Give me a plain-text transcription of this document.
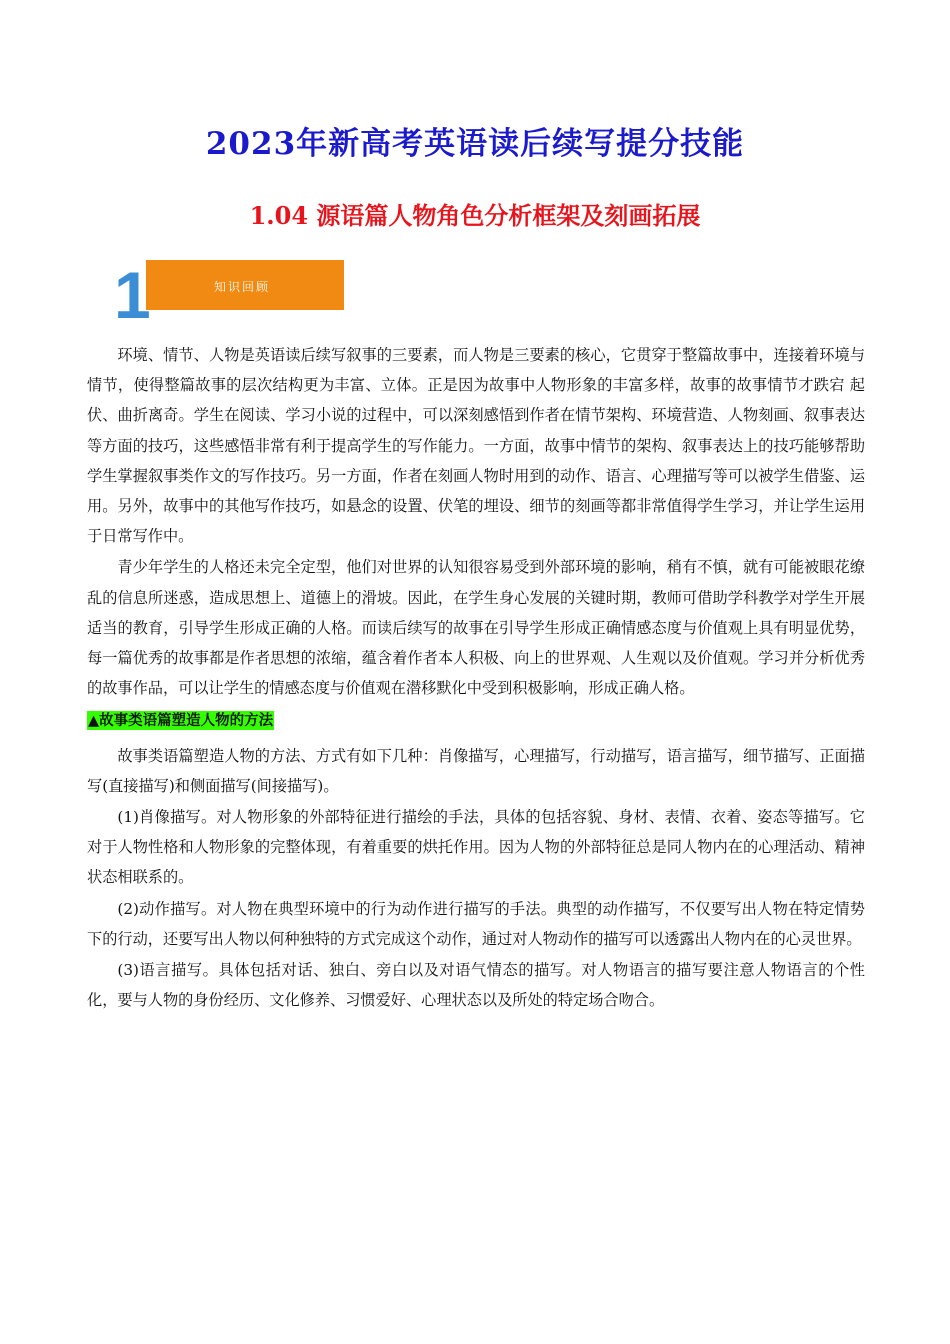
2023年新高考英语读后续写提分技能
1.04 源语篇人物角色分析框架及刻画拓展
1	知识回顾

环境、情节、人物是英语读后续写叙事的三要素，而人物是三要素的核心，它贯穿于整篇故事中，连接着环境与情节，使得整篇故事的层次结构更为丰富、立体。正是因为故事中人物形象的丰富多样，故事的故事情节才跌宕 起伏、曲折离奇。学生在阅读、学习小说的过程中，可以深刻感悟到作者在情节架构、环境营造、人物刻画、叙事表达等方面的技巧，这些感悟非常有利于提高学生的写作能力。一方面，故事中情节的架构、叙事表达上的技巧能够帮助学生掌握叙事类作文的写作技巧。另一方面，作者在刻画人物时用到的动作、语言、心理描写等可以被学生借鉴、运用。另外，故事中的其他写作技巧，如悬念的设置、伏笔的埋设、细节的刻画等都非常值得学生学习，并让学生运用于日常写作中。

青少年学生的人格还未完全定型，他们对世界的认知很容易受到外部环境的影响，稍有不慎，就有可能被眼花缭乱的信息所迷惑，造成思想上、道德上的滑坡。因此，在学生身心发展的关键时期，教师可借助学科教学对学生开展适当的教育，引导学生形成正确的人格。而读后续写的故事在引导学生形成正确情感态度与价值观上具有明显优势，每一篇优秀的故事都是作者思想的浓缩，蕴含着作者本人积极、向上的世界观、人生观以及价值观。学习并分析优秀的故事作品，可以让学生的情感态度与价值观在潜移默化中受到积极影响，形成正确人格。

▲故事类语篇塑造人物的方法

故事类语篇塑造人物的方法、方式有如下几种：肖像描写，心理描写，行动描写，语言描写，细节描写、正面描写(直接描写)和侧面描写(间接描写)。

(1)肖像描写。对人物形象的外部特征进行描绘的手法，具体的包括容貌、身材、表情、衣着、姿态等描写。它对于人物性格和人物形象的完整体现，有着重要的烘托作用。因为人物的外部特征总是同人物内在的心理活动、精神状态相联系的。

(2)动作描写。对人物在典型环境中的行为动作进行描写的手法。典型的动作描写，不仅要写出人物在特定情势下的行动，还要写出人物以何种独特的方式完成这个动作，通过对人物动作的描写可以透露出人物内在的心灵世界。

(3)语言描写。具体包括对话、独白、旁白以及对语气情态的描写。对人物语言的描写要注意人物语言的个性化，要与人物的身份经历、文化修养、习惯爱好、心理状态以及所处的特定场合吻合。
